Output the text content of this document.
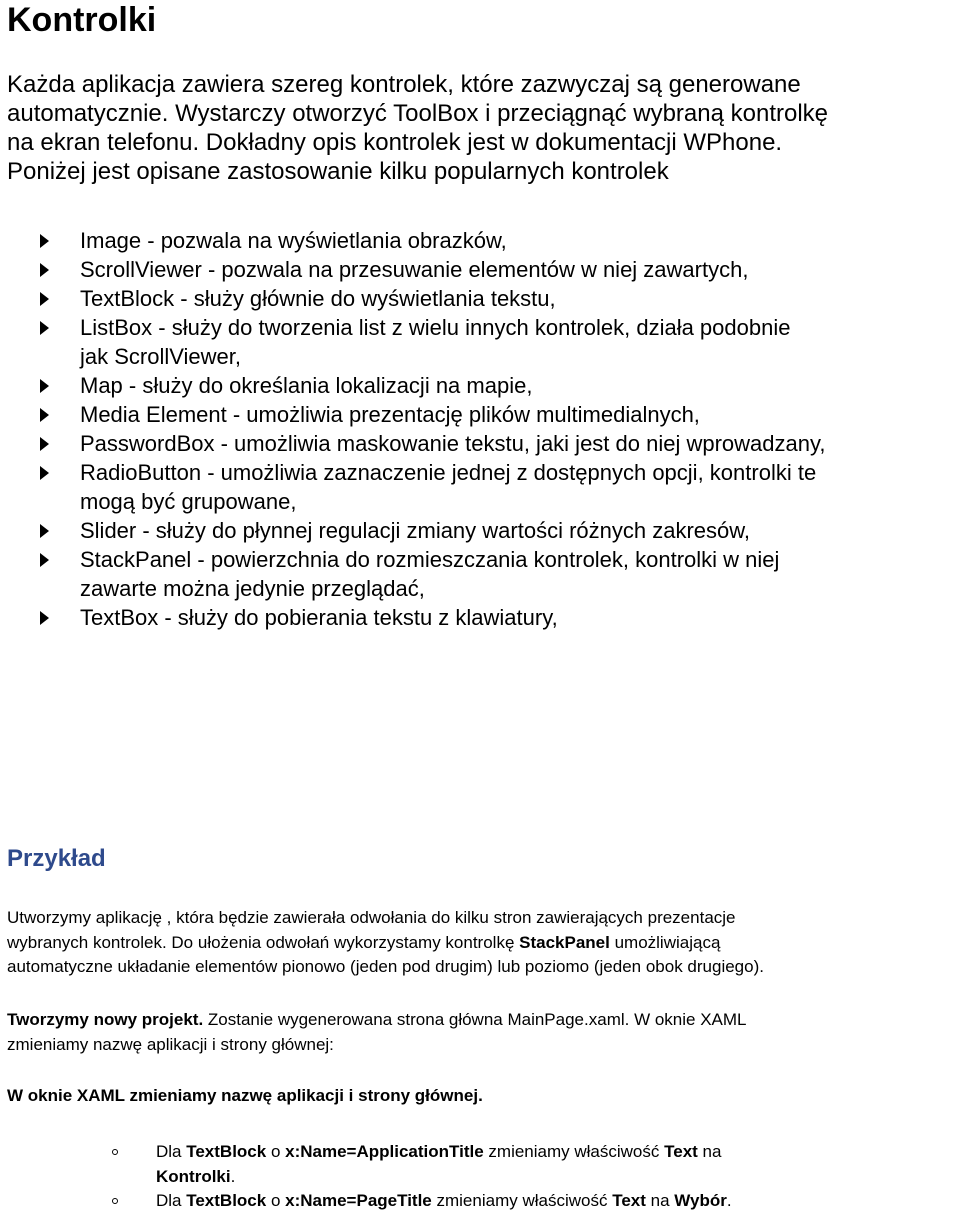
Kontrolki

Każda aplikacja zawiera szereg kontrolek, które zazwyczaj są generowane
automatycznie. Wystarczy otworzyć ToolBox i przeciągnąć wybraną kontrolkę
na ekran telefonu. Dokładny opis kontrolek jest w dokumentacji WPhone.
Poniżej jest opisane zastosowanie kilku popularnych kontrolek

Image - pozwala na wyświetlania obrazków,
ScrollViewer - pozwala na przesuwanie elementów w niej zawartych,
TextBlock - służy głównie do wyświetlania tekstu,
ListBox - służy do tworzenia list z wielu innych kontrolek, działa podobnie
jak ScrollViewer,
Map - służy do określania lokalizacji na mapie,
Media Element - umożliwia prezentację plików multimedialnych,
PasswordBox - umożliwia maskowanie tekstu, jaki jest do niej wprowadzany,
RadioButton - umożliwia zaznaczenie jednej z dostępnych opcji, kontrolki te
mogą być grupowane,
Slider - służy do płynnej regulacji zmiany wartości różnych zakresów,
StackPanel - powierzchnia do rozmieszczania kontrolek, kontrolki w niej
zawarte można jedynie przeglądać,
TextBox - służy do pobierania tekstu z klawiatury,
Przykład

Utworzymy aplikację , która będzie zawierała odwołania do kilku stron zawierających prezentacje
wybranych kontrolek. Do ułożenia odwołań wykorzystamy kontrolkę StackPanel umożliwiającą
automatyczne układanie elementów pionowo (jeden pod drugim) lub poziomo (jeden obok drugiego).

Tworzymy nowy projekt. Zostanie wygenerowana strona główna MainPage.xaml. W oknie XAML
zmieniamy nazwę aplikacji i strony głównej:

W oknie XAML zmieniamy nazwę aplikacji i strony głównej.

Dla TextBlock o x:Name=ApplicationTitle zmieniamy właściwość Text na
Kontrolki.
Dla TextBlock o x:Name=PageTitle zmieniamy właściwość Text na Wybór.
